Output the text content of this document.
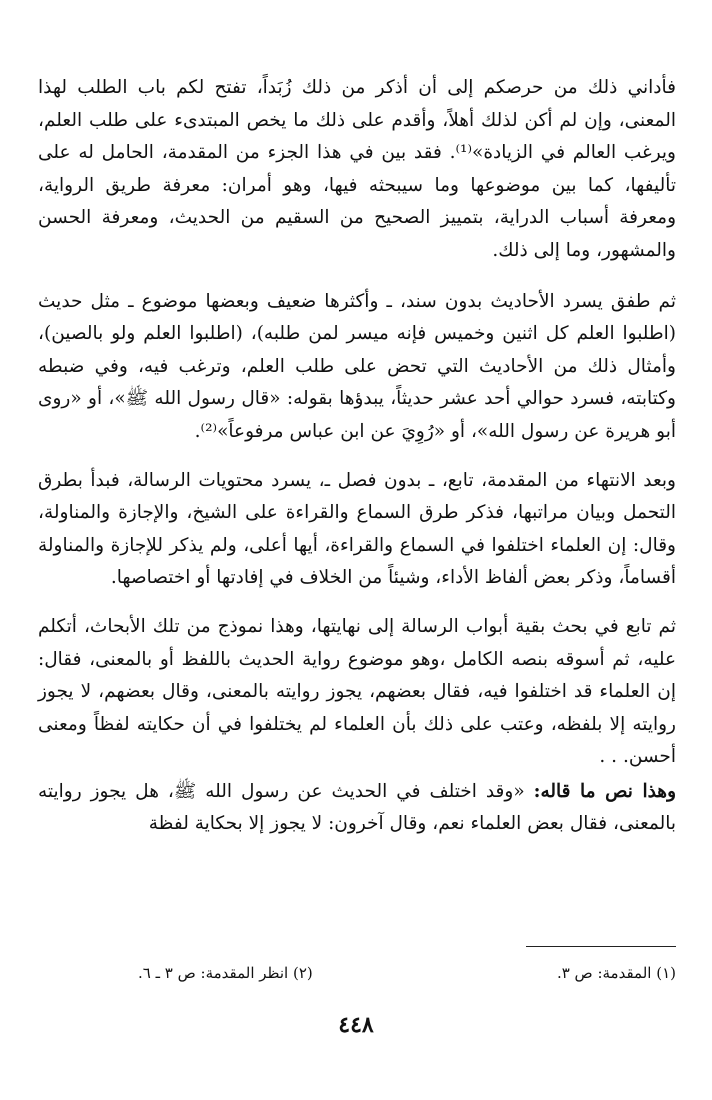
فأداني ذلك من حرصكم إلى أن أذكر من ذلك زُبَداً، تفتح لكم باب الطلب لهذا المعنى، وإن لم أكن لذلك أهلاً، وأقدم على ذلك ما يخص المبتدىء على طلب العلم، ويرغب العالم في الزيادة»⁽¹⁾. فقد بين في هذا الجزء من المقدمة، الحامل له على تأليفها، كما بين موضوعها وما سيبحثه فيها، وهو أمران: معرفة طريق الرواية، ومعرفة أسباب الدراية، بتمييز الصحيح من السقيم من الحديث، ومعرفة الحسن والمشهور، وما إلى ذلك.

ثم طفق يسرد الأحاديث بدون سند، ـ وأكثرها ضعيف وبعضها موضوع ـ مثل حديث (اطلبوا العلم كل اثنين وخميس فإنه ميسر لمن طلبه)، (اطلبوا العلم ولو بالصين)، وأمثال ذلك من الأحاديث التي تحض على طلب العلم، وترغب فيه، وفي ضبطه وكتابته، فسرد حوالي أحد عشر حديثاً، يبدؤها بقوله: «قال رسول الله ﷺ»، أو «روى أبو هريرة عن رسول الله»، أو «رُوِيَ عن ابن عباس مرفوعاً»⁽²⁾.

وبعد الانتهاء من المقدمة، تابع، ـ بدون فصل ـ، يسرد محتويات الرسالة، فبدأ بطرق التحمل وبيان مراتبها، فذكر طرق السماع والقراءة على الشيخ، والإجازة والمناولة، وقال: إن العلماء اختلفوا في السماع والقراءة، أيها أعلى، ولم يذكر للإجازة والمناولة أقساماً، وذكر بعض ألفاظ الأداء، وشيئاً من الخلاف في إفادتها أو اختصاصها.

ثم تابع في بحث بقية أبواب الرسالة إلى نهايتها، وهذا نموذج من تلك الأبحاث، أتكلم عليه، ثم أسوقه بنصه الكامل ،وهو موضوع رواية الحديث باللفظ أو بالمعنى، فقال: إن العلماء قد اختلفوا فيه، فقال بعضهم، يجوز روايته بالمعنى، وقال بعضهم، لا يجوز روايته إلا بلفظه، وعتب على ذلك بأن العلماء لم يختلفوا في أن حكايته لفظاً ومعنى أحسن. . .

وهذا نص ما قاله: «وقد اختلف في الحديث عن رسول الله ﷺ، هل يجوز روايته بالمعنى، فقال بعض العلماء نعم، وقال آخرون: لا يجوز إلا بحكاية لفظة

(١) المقدمة: ص ٣.
(٢) انظر المقدمة: ص ٣ ـ ٦.
٤٤٨
